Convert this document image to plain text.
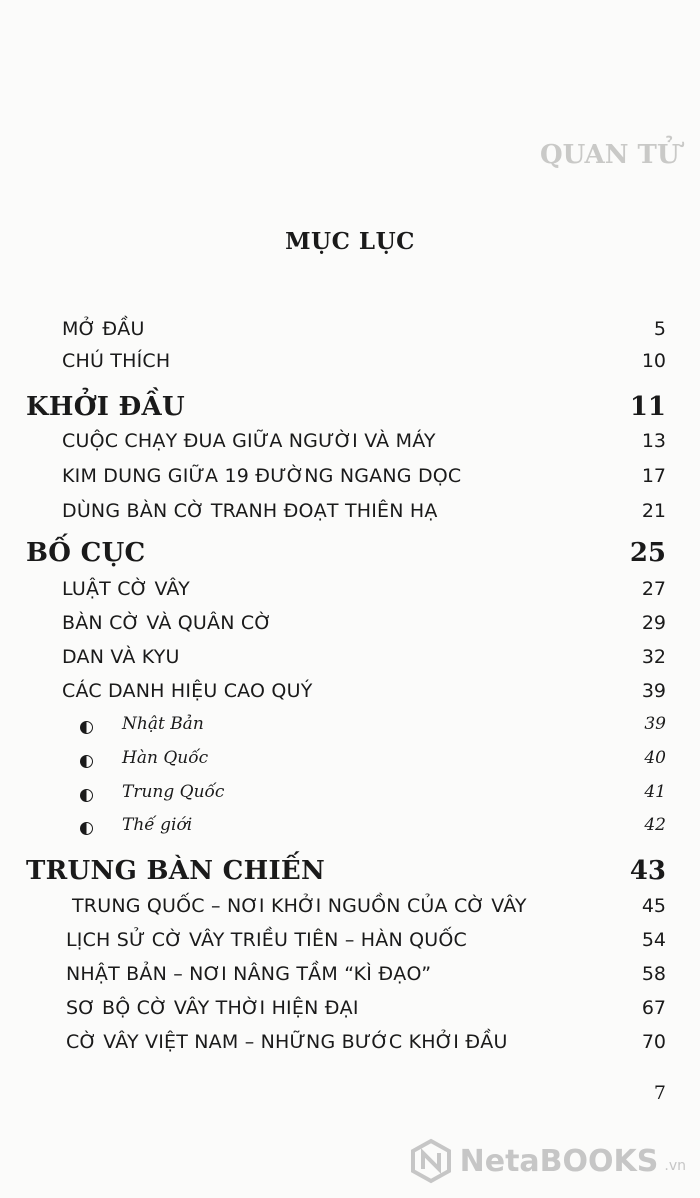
QUAN TỬ
MỤC LỤC
MỞ ĐẦU	5
CHÚ THÍCH	10
KHỞI ĐẦU	11
CUỘC CHẠY ĐUA GIỮA NGƯỜI VÀ MÁY	13
KIM DUNG GIỮA 19 ĐƯỜNG NGANG DỌC	17
DÙNG BÀN CỜ TRANH ĐOẠT THIÊN HẠ	21
BỐ CỤC	25
LUẬT CỜ VÂY	27
BÀN CỜ VÀ QUÂN CỜ	29
DAN VÀ KYU	32
CÁC DANH HIỆU CAO QUÝ	39
Nhật Bản	39
Hàn Quốc	40
Trung Quốc	41
Thế giới	42
TRUNG BÀN CHIẾN	43
TRUNG QUỐC – NƠI KHỞI NGUỒN CỦA CỜ VÂY	45
LỊCH SỬ CỜ VÂY TRIỀU TIÊN – HÀN QUỐC	54
NHẬT BẢN – NƠI NÂNG TẦM “KÌ ĐẠO”	58
SƠ BỘ CỜ VÂY THỜI HIỆN ĐẠI	67
CỜ VÂY VIỆT NAM – NHỮNG BƯỚC KHỞI ĐẦU	70
7
NetaBOOKS .vn
